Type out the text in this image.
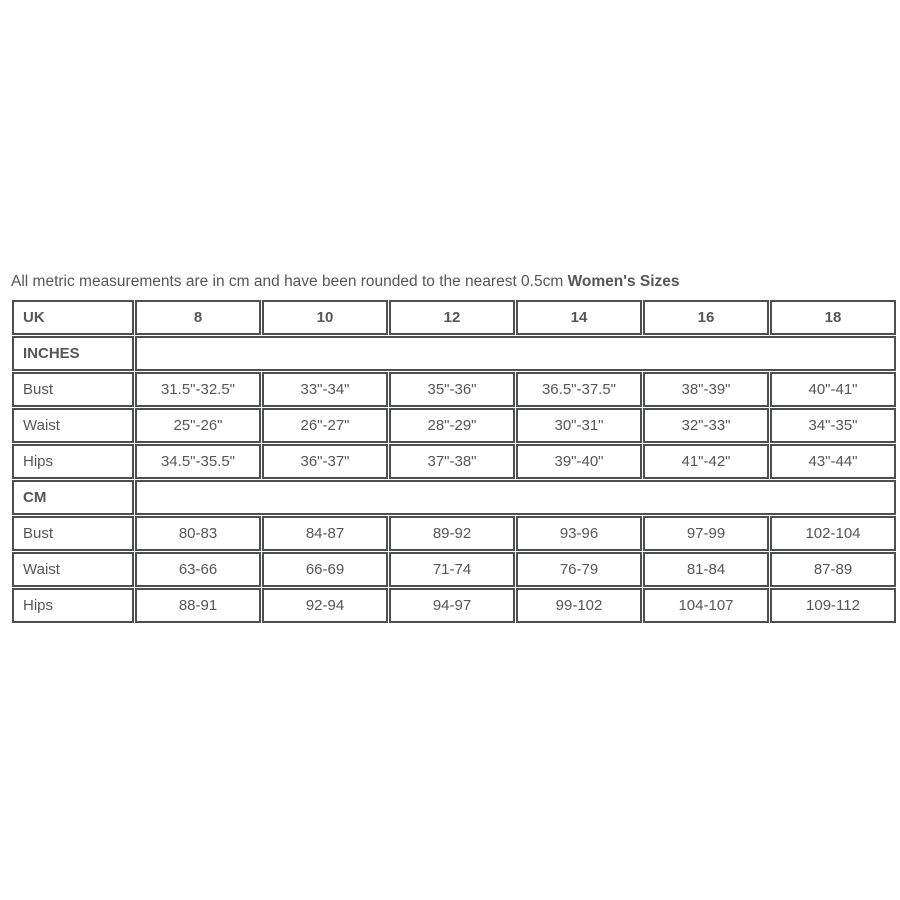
All metric measurements are in cm and have been rounded to the nearest 0.5cm Women's Sizes

UK	8	10	12	14	16	18
INCHES						
Bust	31.5"-32.5"	33"-34"	35"-36"	36.5"-37.5"	38"-39"	40"-41"
Waist	25"-26"	26"-27"	28"-29"	30"-31"	32"-33"	34"-35"
Hips	34.5"-35.5"	36"-37"	37"-38"	39"-40"	41"-42"	43"-44"
CM						
Bust	80-83	84-87	89-92	93-96	97-99	102-104
Waist	63-66	66-69	71-74	76-79	81-84	87-89
Hips	88-91	92-94	94-97	99-102	104-107	109-112
